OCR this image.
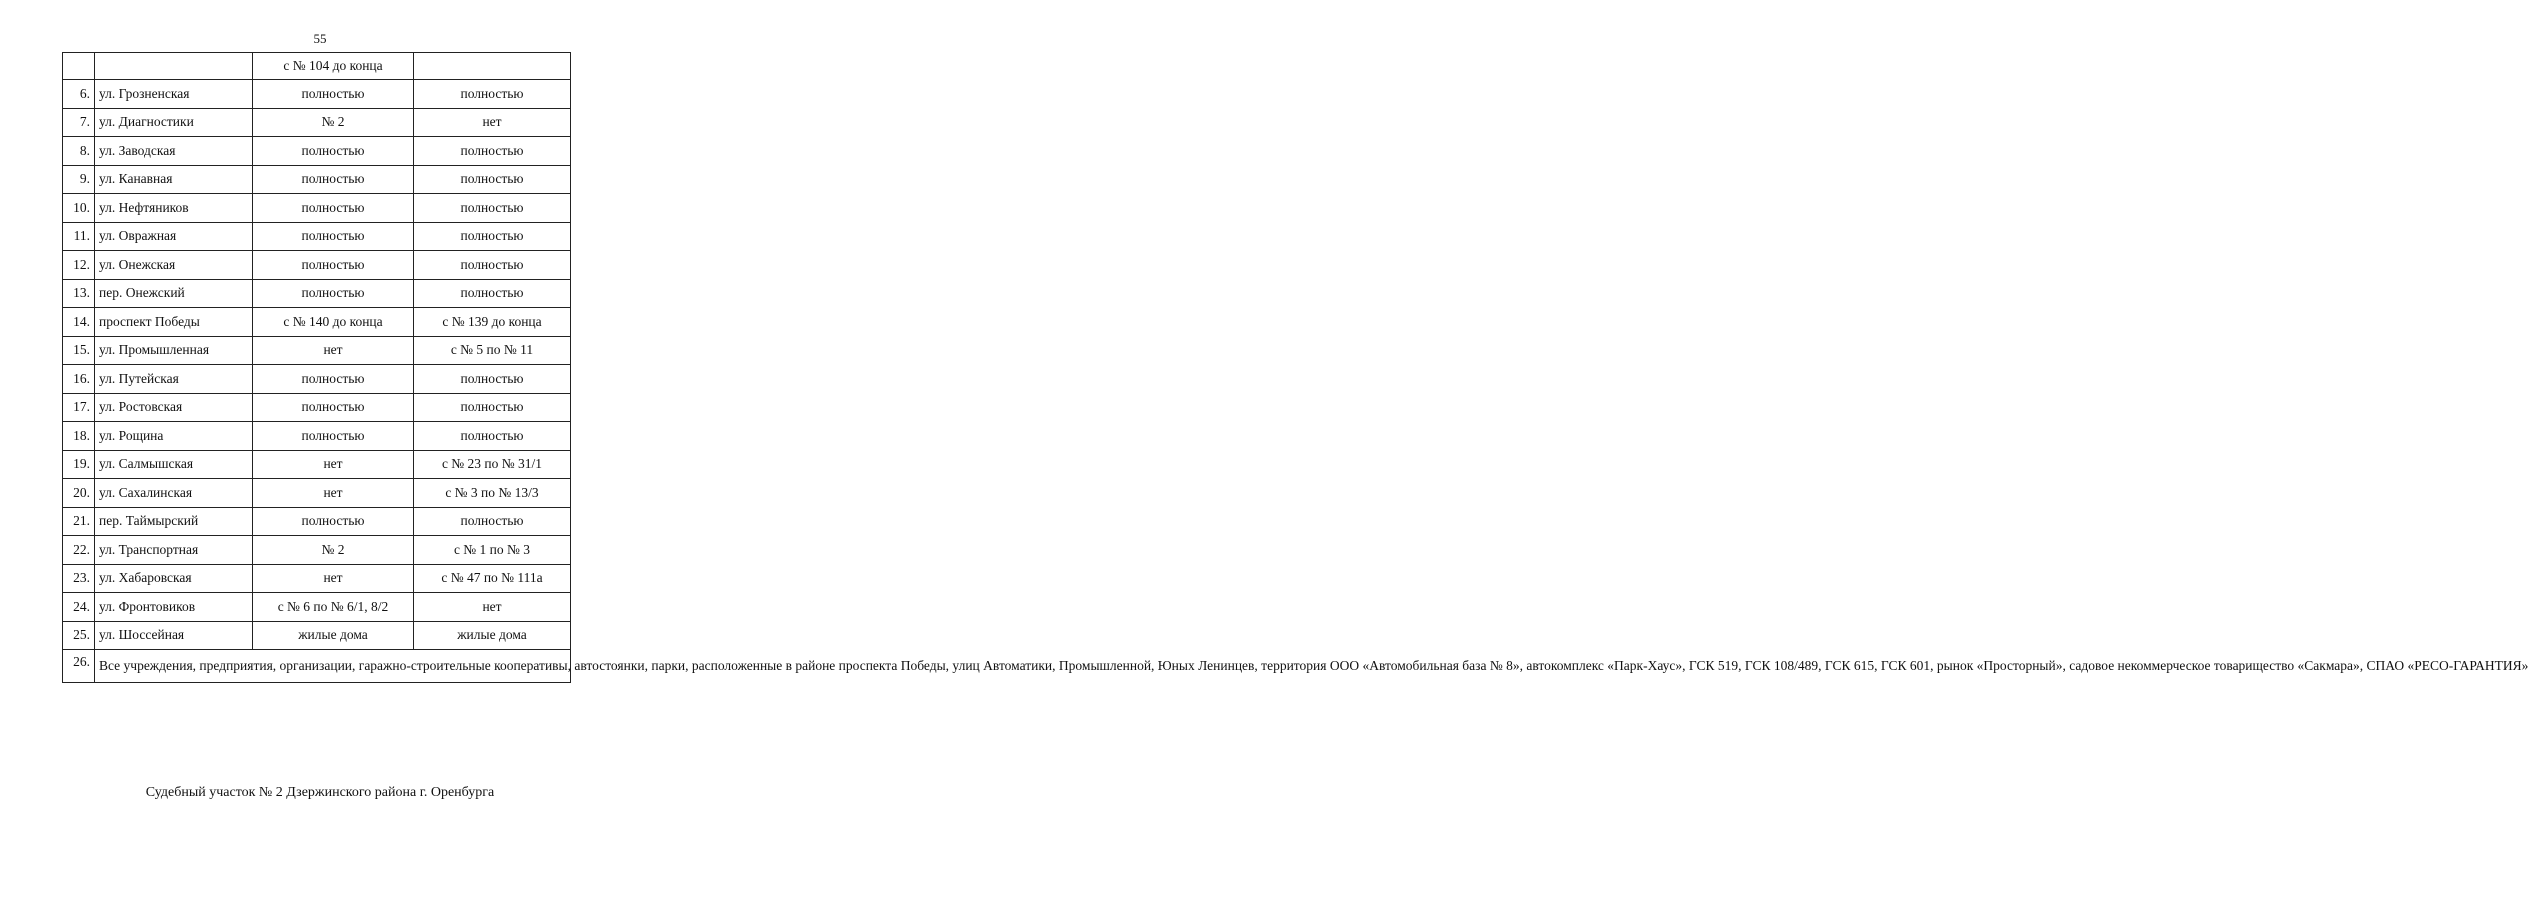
55
		с № 104 до конца	
6.	ул. Грозненская	полностью	полностью
7.	ул. Диагностики	№ 2	нет
8.	ул. Заводская	полностью	полностью
9.	ул. Канавная	полностью	полностью
10.	ул. Нефтяников	полностью	полностью
11.	ул. Овражная	полностью	полностью
12.	ул. Онежская	полностью	полностью
13.	пер. Онежский	полностью	полностью
14.	проспект Победы	с № 140 до конца	с № 139 до конца
15.	ул. Промышленная	нет	с № 5 по № 11
16.	ул. Путейская	полностью	полностью
17.	ул. Ростовская	полностью	полностью
18.	ул. Рощина	полностью	полностью
19.	ул. Салмышская	нет	с № 23 по № 31/1
20.	ул. Сахалинская	нет	с № 3 по № 13/3
21.	пер. Таймырский	полностью	полностью
22.	ул. Транспортная	№ 2	с № 1 по № 3
23.	ул. Хабаровская	нет	с № 47 по № 111а
24.	ул. Фронтовиков	с № 6 по № 6/1, 8/2	нет
25.	ул. Шоссейная	жилые дома	жилые дома
26.	Все учреждения, предприятия, организации, гаражно-строительные кооперативы, автостоянки, парки, расположенные в районе проспекта Победы, улиц Автоматики, Промышленной, Юных Ленинцев, территория ООО «Автомобильная база № 8», автокомплекс «Парк-Хаус», ГСК 519, ГСК 108/489, ГСК 615, ГСК 601, рынок «Просторный», садовое некоммерческое товарищество «Сакмара», СПАО «РЕСО-ГАРАНТИЯ»		
Судебный участок № 2 Дзержинского района г. Оренбурга
